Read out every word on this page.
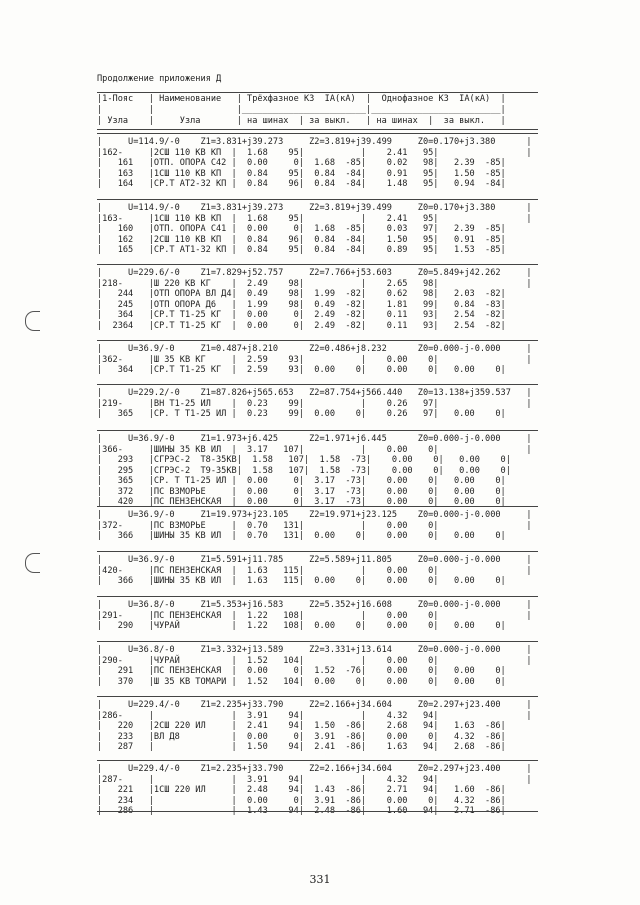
Продолжение приложения Д
|1-Пояс   | Наименование   | Трёхфазное КЗ  IA(кA)  |  Однофазное КЗ  IA(кA)  |
|         |                |________________________|_________________________|
| Узла    |     Узла       | на шинах  | за выкл.   | на шинах  |  за выкл.   |
|     U=114.9/-0    Z1=3.831+j39.273     Z2=3.819+j39.499     Z0=0.170+j3.380      |
|162-     |2СШ 110 КВ КП  |  1.68    95|           |    2.41   95|                 |
|   161   |ОТП. ОПОРА С42 |  0.00     0|  1.68  -85|    0.02   98|   2.39  -85|
|   163   |1СШ 110 КВ КП  |  0.84    95|  0.84  -84|    0.91   95|   1.50  -85|
|   164   |СР.Т АТ2-32 КП |  0.84    96|  0.84  -84|    1.48   95|   0.94  -84|
|     U=114.9/-0    Z1=3.831+j39.273     Z2=3.819+j39.499     Z0=0.170+j3.380      |
|163-     |1СШ 110 КВ КП  |  1.68    95|           |    2.41   95|                 |
|   160   |ОТП. ОПОРА С41 |  0.00     0|  1.68  -85|    0.03   97|   2.39  -85|
|   162   |2СШ 110 КВ КП  |  0.84    96|  0.84  -84|    1.50   95|   0.91  -85|
|   165   |СР.Т АТ1-32 КП |  0.84    95|  0.84  -84|    0.89   95|   1.53  -85|
|     U=229.6/-0    Z1=7.829+j52.757     Z2=7.766+j53.603     Z0=5.849+j42.262     |
|218-     |Ш 220 КВ КГ    |  2.49    98|           |    2.65   98|                 |
|   244   |ОТП ОПОРА ВЛ Д4|  0.49    98|  1.99  -82|    0.62   98|   2.03  -82|
|   245   |ОТП ОПОРА Д6   |  1.99    98|  0.49  -82|    1.81   99|   0.84  -83|
|   364   |СР.Т Т1-25 КГ  |  0.00     0|  2.49  -82|    0.11   93|   2.54  -82|
|  2364   |СР.Т Т1-25 КГ  |  0.00     0|  2.49  -82|    0.11   93|   2.54  -82|
|     U=36.9/-0     Z1=0.487+j8.210      Z2=0.486+j8.232      Z0=0.000-j-0.000     |
|362-     |Ш 35 КВ КГ     |  2.59    93|           |    0.00    0|                 |
|   364   |СР.Т Т1-25 КГ  |  2.59    93|  0.00    0|    0.00    0|   0.00    0|
|     U=229.2/-0    Z1=87.826+j565.653   Z2=87.754+j566.440   Z0=13.138+j359.537   |
|219-     |ВН Т1-25 ИЛ    |  0.23    99|           |    0.26   97|                 |
|   365   |СР. Т Т1-25 ИЛ |  0.23    99|  0.00    0|    0.26   97|   0.00    0|
|     U=36.9/-0     Z1=1.973+j6.425      Z2=1.971+j6.445      Z0=0.000-j-0.000     |
|366-     |ШИНЫ 35 КВ ИЛ  |  3.17   107|           |    0.00    0|                 |
|   293   |СГРЭС-2  Т8-35КВ|  1.58   107|  1.58  -73|    0.00    0|   0.00    0|
|   295   |СГРЭС-2  Т9-35КВ|  1.58   107|  1.58  -73|    0.00    0|   0.00    0|
|   365   |СР. Т Т1-25 ИЛ |  0.00     0|  3.17  -73|    0.00    0|   0.00    0|
|   372   |ПС ВЗМОРЬЕ     |  0.00     0|  3.17  -73|    0.00    0|   0.00    0|
|   420   |ПС ПЕНЗЕНСКАЯ  |  0.00     0|  3.17  -73|    0.00    0|   0.00    0|
|     U=36.9/-0     Z1=19.973+j23.105    Z2=19.971+j23.125    Z0=0.000-j-0.000     |
|372-     |ПС ВЗМОРЬЕ     |  0.70   131|           |    0.00    0|                 |
|   366   |ШИНЫ 35 КВ ИЛ  |  0.70   131|  0.00    0|    0.00    0|   0.00    0|
|     U=36.9/-0     Z1=5.591+j11.785     Z2=5.589+j11.805     Z0=0.000-j-0.000     |
|420-     |ПС ПЕНЗЕНСКАЯ  |  1.63   115|           |    0.00    0|                 |
|   366   |ШИНЫ 35 КВ ИЛ  |  1.63   115|  0.00    0|    0.00    0|   0.00    0|
|     U=36.8/-0     Z1=5.353+j16.583     Z2=5.352+j16.608     Z0=0.000-j-0.000     |
|291-     |ПС ПЕНЗЕНСКАЯ  |  1.22   108|           |    0.00    0|                 |
|   290   |ЧУРАЙ          |  1.22   108|  0.00    0|    0.00    0|   0.00    0|
|     U=36.8/-0     Z1=3.332+j13.589     Z2=3.331+j13.614     Z0=0.000-j-0.000     |
|290-     |ЧУРАЙ          |  1.52   104|           |    0.00    0|                 |
|   291   |ПС ПЕНЗЕНСКАЯ  |  0.00     0|  1.52  -76|    0.00    0|   0.00    0|
|   370   |Ш 35 КВ ТОМАРИ |  1.52   104|  0.00    0|    0.00    0|   0.00    0|
|     U=229.4/-0    Z1=2.235+j33.790     Z2=2.166+j34.604     Z0=2.297+j23.400     |
|286-     |               |  3.91    94|           |    4.32   94|                 |
|   220   |2СШ 220 ИЛ     |  2.41    94|  1.50  -86|    2.68   94|   1.63  -86|
|   233   |ВЛ Д8          |  0.00     0|  3.91  -86|    0.00    0|   4.32  -86|
|   287   |               |  1.50    94|  2.41  -86|    1.63   94|   2.68  -86|
|     U=229.4/-0    Z1=2.235+j33.790     Z2=2.166+j34.604     Z0=2.297+j23.400     |
|287-     |               |  3.91    94|           |    4.32   94|                 |
|   221   |1СШ 220 ИЛ     |  2.48    94|  1.43  -86|    2.71   94|   1.60  -86|
|   234   |               |  0.00     0|  3.91  -86|    0.00    0|   4.32  -86|
|   286   |               |  1.43    94|  2.48  -86|    1.60   94|   2.71  -86|
331
